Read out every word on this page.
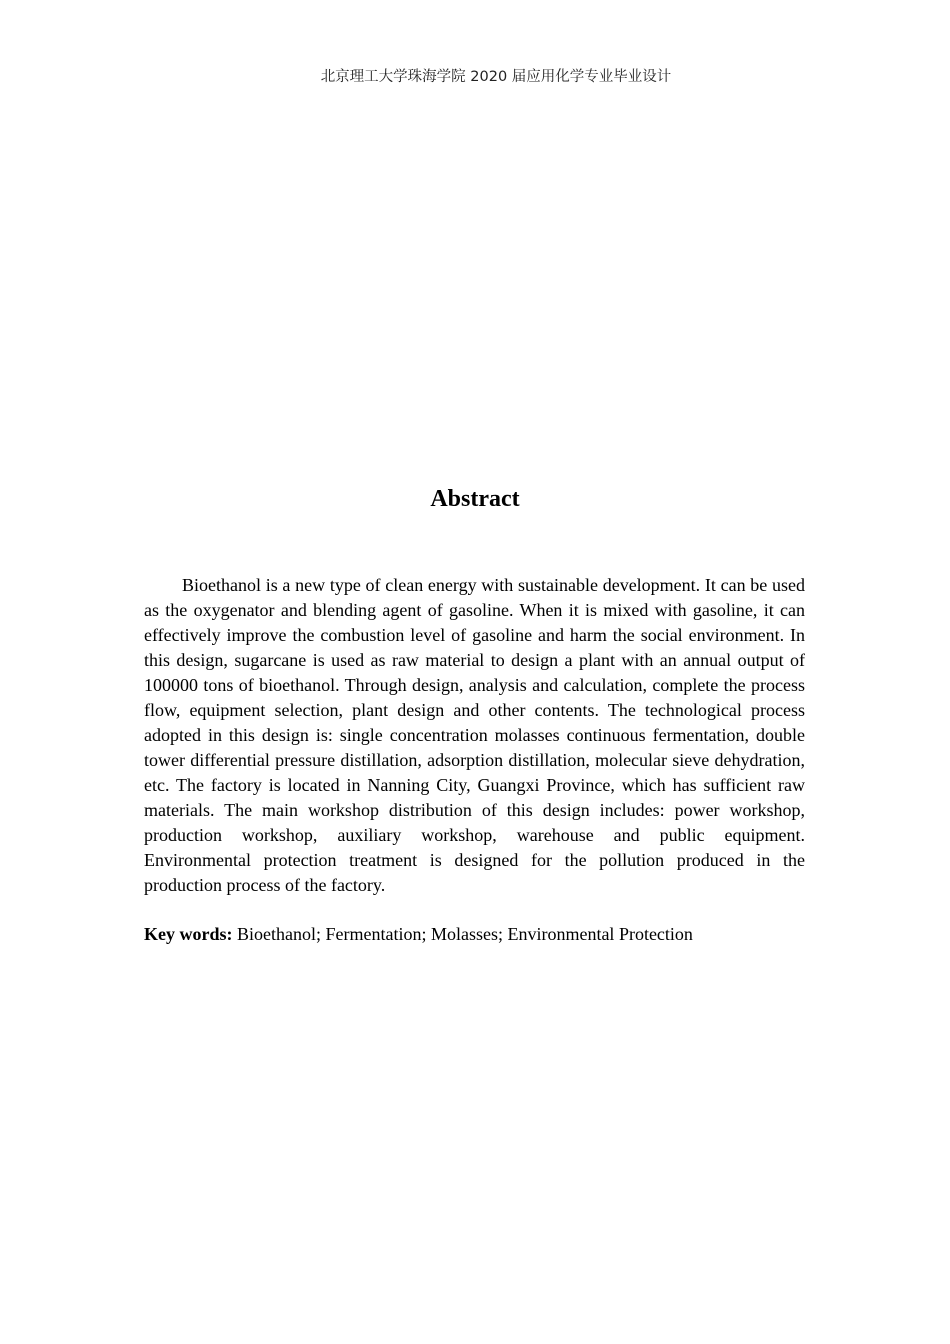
北京理工大学珠海学院 2020 届应用化学专业毕业设计
Abstract

Bioethanol is a new type of clean energy with sustainable development. It can be used as the oxygenator and blending agent of gasoline. When it is mixed with gasoline, it can effectively improve the combustion level of gasoline and harm the social environment. In this design, sugarcane is used as raw material to design a plant with an annual output of 100000 tons of bioethanol. Through design, analysis and calculation, complete the process flow, equipment selection, plant design and other contents. The technological process adopted in this design is: single concentration molasses continuous fermentation, double tower differential pressure distillation, adsorption distillation, molecular sieve dehydration, etc. The factory is located in Nanning City, Guangxi Province, which has sufficient raw materials. The main workshop distribution of this design includes: power workshop, production workshop, auxiliary workshop, warehouse and public equipment. Environmental protection treatment is designed for the pollution produced in the production process of the factory.

Key words: Bioethanol; Fermentation; Molasses; Environmental Protection
